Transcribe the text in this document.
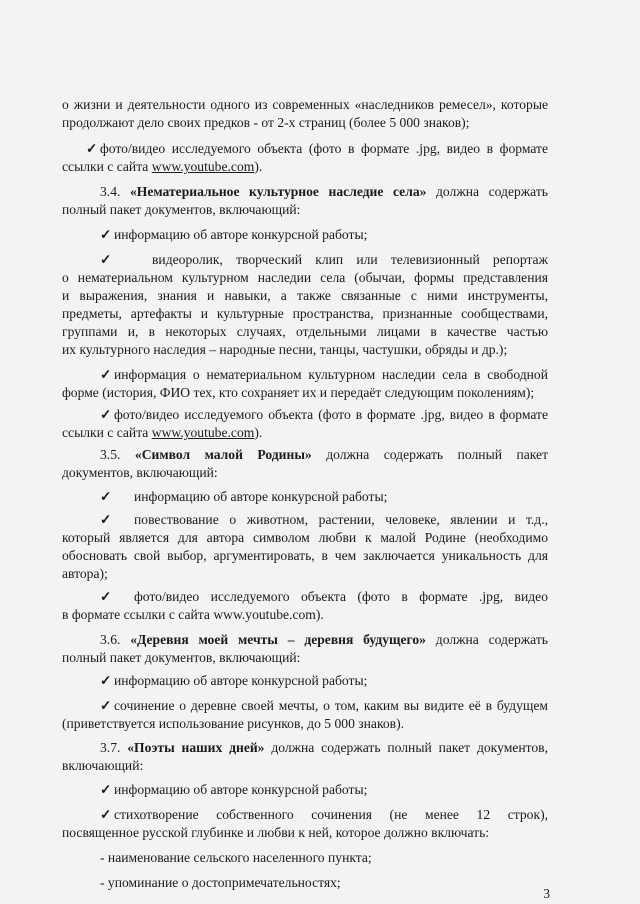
о жизни и деятельности одного из современных «наследников ремесел», которые
продолжают дело своих предков - от 2-х страниц (более 5 000 знаков);
✓ фото/видео исследуемого объекта (фото в формате .jpg, видео в формате
ссылки с сайта www.youtube.com).
3.4. «Нематериальное культурное наследие села» должна содержать
полный пакет документов, включающий:
✓ информацию об авторе конкурсной работы;
✓	видеоролик, творческий клип или телевизионный репортаж
о нематериальном культурном наследии села (обычаи, формы представления
и выражения, знания и навыки, а также связанные с ними инструменты,
предметы, артефакты и культурные пространства, признанные сообществами,
группами и, в некоторых случаях, отдельными лицами в качестве частью
их культурного наследия – народные песни, танцы, частушки, обряды и др.);
✓ информация о нематериальном культурном наследии села в свободной
форме (история, ФИО тех, кто сохраняет их и передаёт следующим поколениям);
✓ фото/видео исследуемого объекта (фото в формате .jpg, видео в формате
ссылки с сайта www.youtube.com).
3.5. «Символ малой Родины» должна содержать полный пакет
документов, включающий:
✓ информацию об авторе конкурсной работы;
✓ повествование о животном, растении, человеке, явлении и т.д.,
который является для автора символом любви к малой Родине (необходимо
обосновать свой выбор, аргументировать, в чем заключается уникальность для
автора);
✓ фото/видео исследуемого объекта (фото в формате .jpg, видео
в формате ссылки с сайта www.youtube.com).
3.6. «Деревня моей мечты – деревня будущего» должна содержать
полный пакет документов, включающий:
✓ информацию об авторе конкурсной работы;
✓ сочинение о деревне своей мечты, о том, каким вы видите её в будущем
(приветствуется использование рисунков, до 5 000 знаков).
3.7. «Поэты наших дней» должна содержать полный пакет документов,
включающий:
✓ информацию об авторе конкурсной работы;
✓ стихотворение собственного сочинения (не менее 12 строк),
посвященное русской глубинке и любви к ней, которое должно включать:
- наименование сельского населенного пункта;
- упоминание о достопримечательностях;
3
